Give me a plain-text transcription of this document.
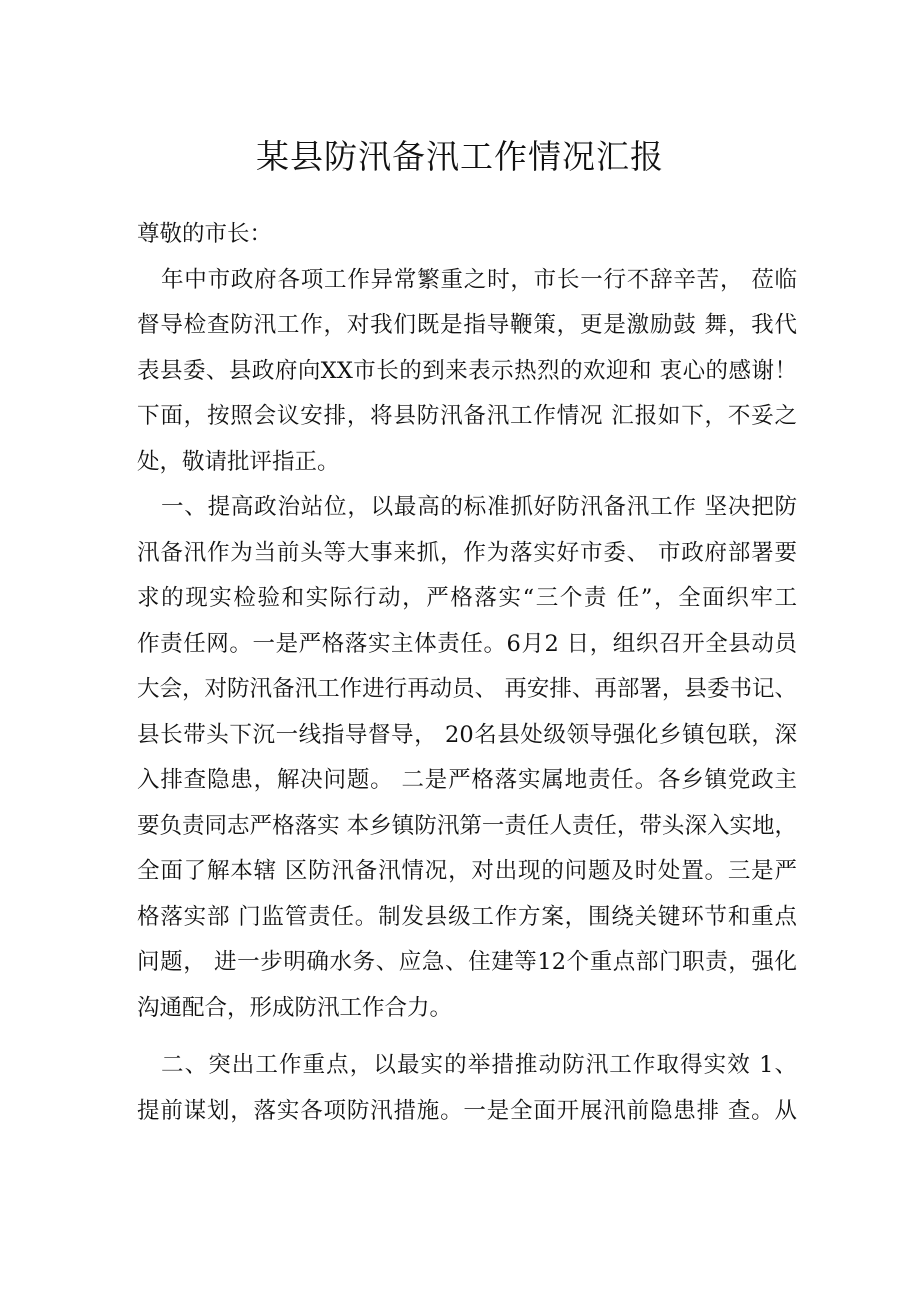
某县防汛备汛工作情况汇报
尊敬的市长：
年中市政府各项工作异常繁重之时，市长一行不辞辛苦， 莅临
督导检查防汛工作，对我们既是指导鞭策，更是激励鼓 舞，我代
表县委、县政府向XX市长的到来表示热烈的欢迎和 衷心的感谢！
下面，按照会议安排，将县防汛备汛工作情况 汇报如下，不妥之
处，敬请批评指正。
一、提高政治站位，以最高的标准抓好防汛备汛工作 坚决把防
汛备汛作为当前头等大事来抓，作为落实好市委、 市政府部署要
求的现实检验和实际行动，严格落实“三个责 任”，全面织牢工
作责任网。一是严格落实主体责任。6月2 日，组织召开全县动员
大会，对防汛备汛工作进行再动员、 再安排、再部署，县委书记、
县长带头下沉一线指导督导， 20名县处级领导强化乡镇包联，深
入排查隐患，解决问题。 二是严格落实属地责任。各乡镇党政主
要负责同志严格落实 本乡镇防汛第一责任人责任，带头深入实地，
全面了解本辖 区防汛备汛情况，对出现的问题及时处置。三是严
格落实部 门监管责任。制发县级工作方案，围绕关键环节和重点
问题， 进一步明确水务、应急、住建等12个重点部门职责，强化
沟通配合，形成防汛工作合力。
二、突出工作重点，以最实的举措推动防汛工作取得实效 1、
提前谋划，落实各项防汛措施。一是全面开展汛前隐患排 查。从
